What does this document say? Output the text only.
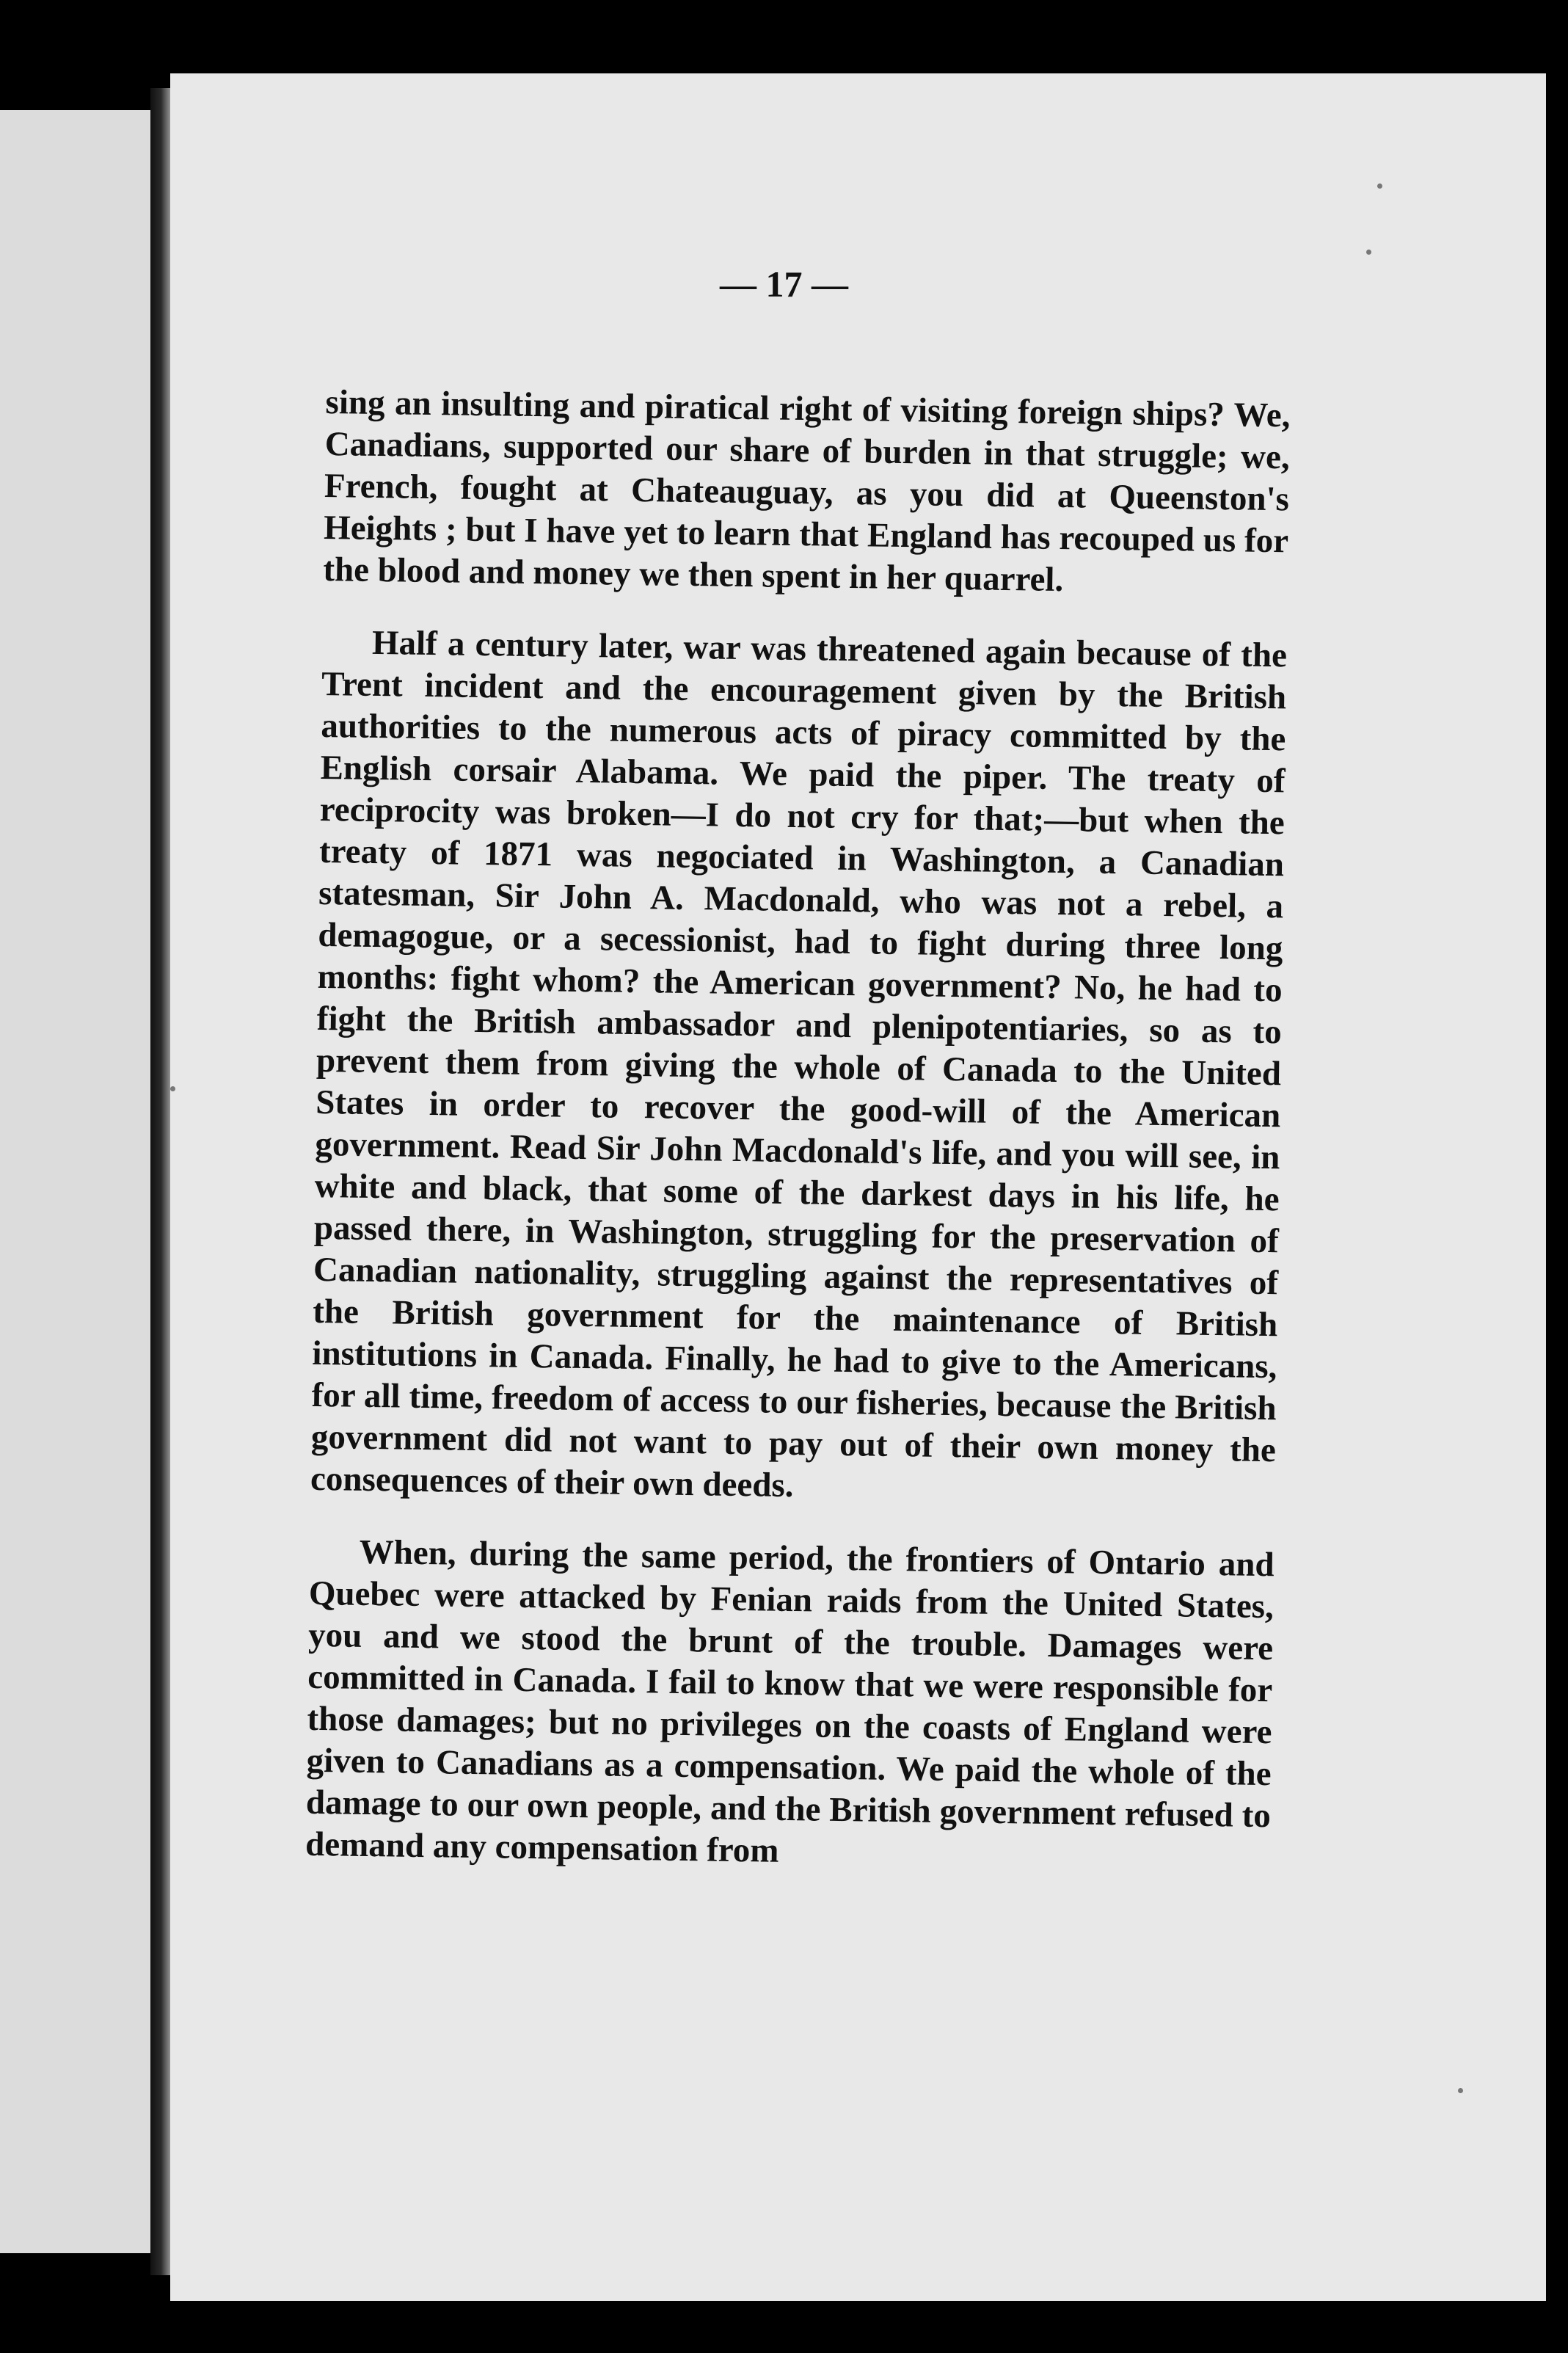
— 17 —

sing an insulting and piratical right of visiting foreign ships? We, Canadians, supported our share of burden in that struggle; we, French, fought at Chateauguay, as you did at Queenston's Heights ; but I have yet to learn that England has recouped us for the blood and money we then spent in her quarrel.

Half a century later, war was threatened again because of the Trent incident and the encouragement given by the British authorities to the numerous acts of piracy committed by the English corsair Alabama. We paid the piper. The treaty of reciprocity was broken—I do not cry for that;—but when the treaty of 1871 was negociated in Washington, a Canadian statesman, Sir John A. Macdonald, who was not a rebel, a demagogue, or a secessionist, had to fight during three long months: fight whom? the American government? No, he had to fight the British ambassador and plenipotentiaries, so as to prevent them from giving the whole of Canada to the United States in order to recover the good-will of the American government. Read Sir John Macdonald's life, and you will see, in white and black, that some of the darkest days in his life, he passed there, in Washington, struggling for the preservation of Canadian nationality, struggling against the representatives of the British government for the maintenance of British institutions in Canada. Finally, he had to give to the Americans, for all time, freedom of access to our fisheries, because the British government did not want to pay out of their own money the consequences of their own deeds.

When, during the same period, the frontiers of Ontario and Quebec were attacked by Fenian raids from the United States, you and we stood the brunt of the trouble. Damages were committed in Canada. I fail to know that we were responsible for those damages; but no privileges on the coasts of England were given to Canadians as a compensation. We paid the whole of the damage to our own people, and the British government refused to demand any compensation from
